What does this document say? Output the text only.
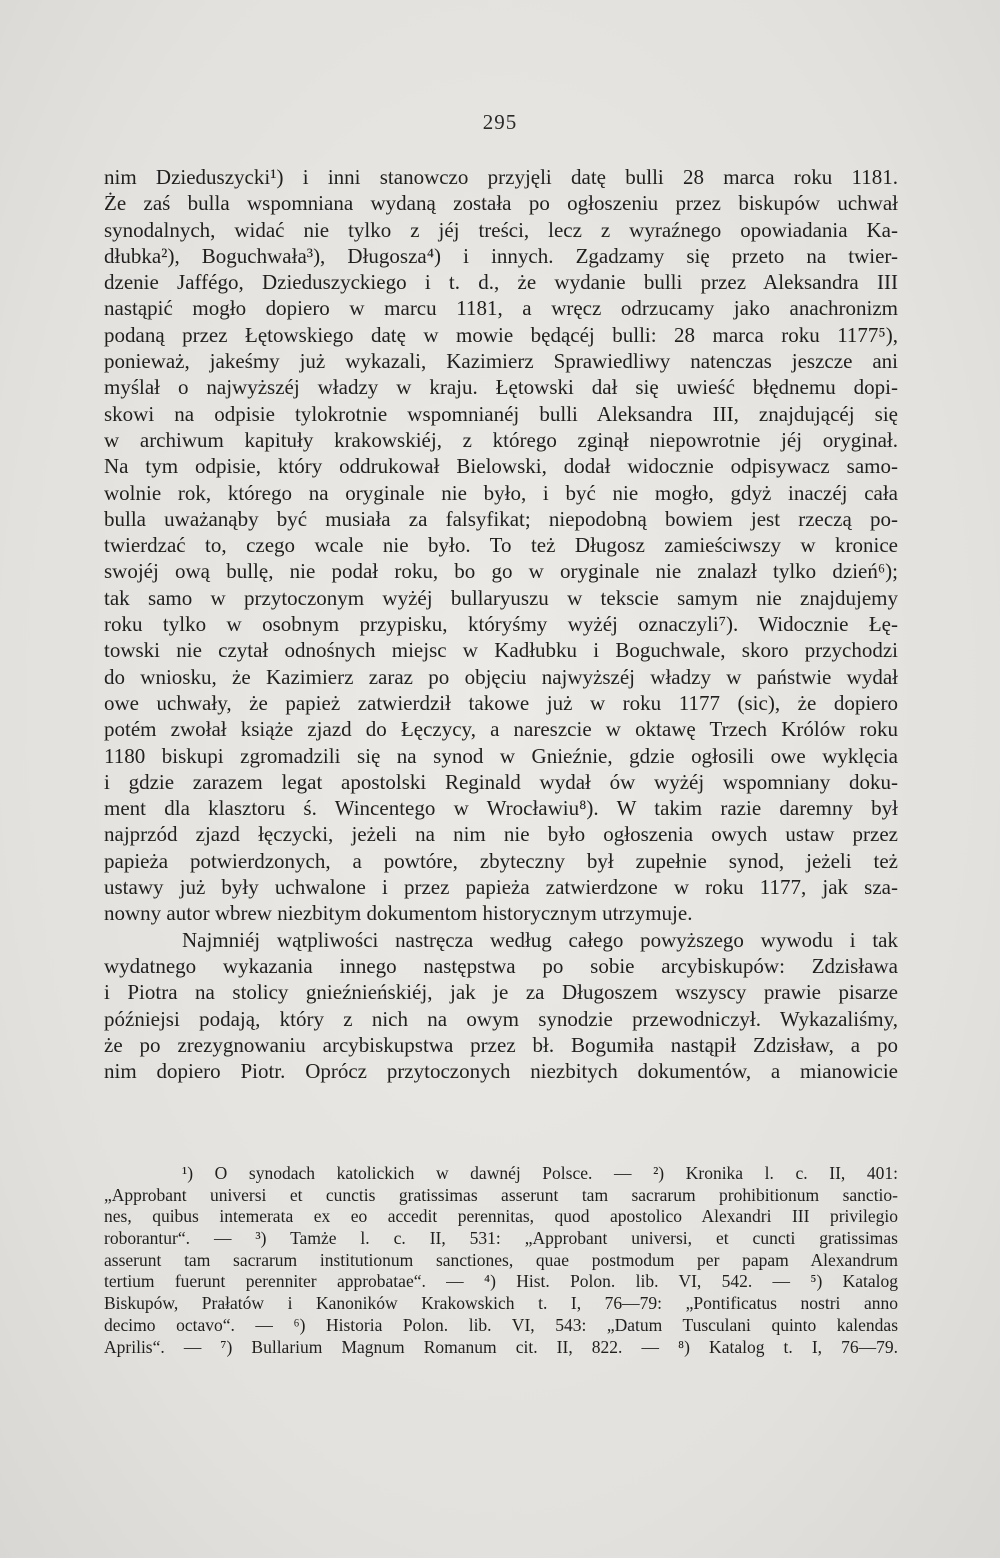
295
nim Dzieduszycki¹) i inni stanowczo przyjęli datę bulli 28 marca roku 1181.
Że zaś bulla wspomniana wydaną została po ogłoszeniu przez biskupów uchwał
synodalnych, widać nie tylko z jéj treści, lecz z wyraźnego opowiadania Ka-
dłubka²), Boguchwała³), Długosza⁴) i innych. Zgadzamy się przeto na twier-
dzenie Jaffégo, Dzieduszyckiego i t. d., że wydanie bulli przez Aleksandra III
nastąpić mogło dopiero w marcu 1181, a wręcz odrzucamy jako anachronizm
podaną przez Łętowskiego datę w mowie będącéj bulli: 28 marca roku 1177⁵),
ponieważ, jakeśmy już wykazali, Kazimierz Sprawiedliwy natenczas jeszcze ani
myślał o najwyższéj władzy w kraju. Łętowski dał się uwieść błędnemu dopi-
skowi na odpisie tylokrotnie wspomnianéj bulli Aleksandra III, znajdującéj się
w archiwum kapituły krakowskiéj, z którego zginął niepowrotnie jéj oryginał.
Na tym odpisie, który oddrukował Bielowski, dodał widocznie odpisywacz samo-
wolnie rok, którego na oryginale nie było, i być nie mogło, gdyż inaczéj cała
bulla uważanąby być musiała za falsyfikat; niepodobną bowiem jest rzeczą po-
twierdzać to, czego wcale nie było. To też Długosz zamieściwszy w kronice
swojéj ową bullę, nie podał roku, bo go w oryginale nie znalazł tylko dzień⁶);
tak samo w przytoczonym wyżéj bullaryuszu w tekscie samym nie znajdujemy
roku tylko w osobnym przypisku, któryśmy wyżéj oznaczyli⁷). Widocznie Łę-
towski nie czytał odnośnych miejsc w Kadłubku i Boguchwale, skoro przychodzi
do wniosku, że Kazimierz zaraz po objęciu najwyższéj władzy w państwie wydał
owe uchwały, że papież zatwierdził takowe już w roku 1177 (sic), że dopiero
potém zwołał książe zjazd do Łęczycy, a nareszcie w oktawę Trzech Królów roku
1180 biskupi zgromadzili się na synod w Gnieźnie, gdzie ogłosili owe wyklęcia
i gdzie zarazem legat apostolski Reginald wydał ów wyżéj wspomniany doku-
ment dla klasztoru ś. Wincentego w Wrocławiu⁸). W takim razie daremny był
najprzód zjazd łęczycki, jeżeli na nim nie było ogłoszenia owych ustaw przez
papieża potwierdzonych, a powtóre, zbyteczny był zupełnie synod, jeżeli też
ustawy już były uchwalone i przez papieża zatwierdzone w roku 1177, jak sza-
nowny autor wbrew niezbitym dokumentom historycznym utrzymuje.
Najmniéj wątpliwości nastręcza według całego powyższego wywodu i tak
wydatnego wykazania innego następstwa po sobie arcybiskupów: Zdzisława
i Piotra na stolicy gnieźnieńskiéj, jak je za Długoszem wszyscy prawie pisarze
późniejsi podają, który z nich na owym synodzie przewodniczył. Wykazaliśmy,
że po zrezygnowaniu arcybiskupstwa przez bł. Bogumiła nastąpił Zdzisław, a po
nim dopiero Piotr. Oprócz przytoczonych niezbitych dokumentów, a mianowicie
¹) O synodach katolickich w dawnéj Polsce. — ²) Kronika l. c. II, 401:
„Approbant universi et cunctis gratissimas asserunt tam sacrarum prohibitionum sanctio-
nes, quibus intemerata ex eo accedit perennitas, quod apostolico Alexandri III privilegio
roborantur“. — ³) Tamże l. c. II, 531: „Approbant universi, et cuncti gratissimas
asserunt tam sacrarum institutionum sanctiones, quae postmodum per papam Alexandrum
tertium fuerunt perenniter approbatae“. — ⁴) Hist. Polon. lib. VI, 542. — ⁵) Katalog
Biskupów, Prałatów i Kanoników Krakowskich t. I, 76—79: „Pontificatus nostri anno
decimo octavo“. — ⁶) Historia Polon. lib. VI, 543: „Datum Tusculani quinto kalendas
Aprilis“. — ⁷) Bullarium Magnum Romanum cit. II, 822. — ⁸) Katalog t. I, 76—79.
